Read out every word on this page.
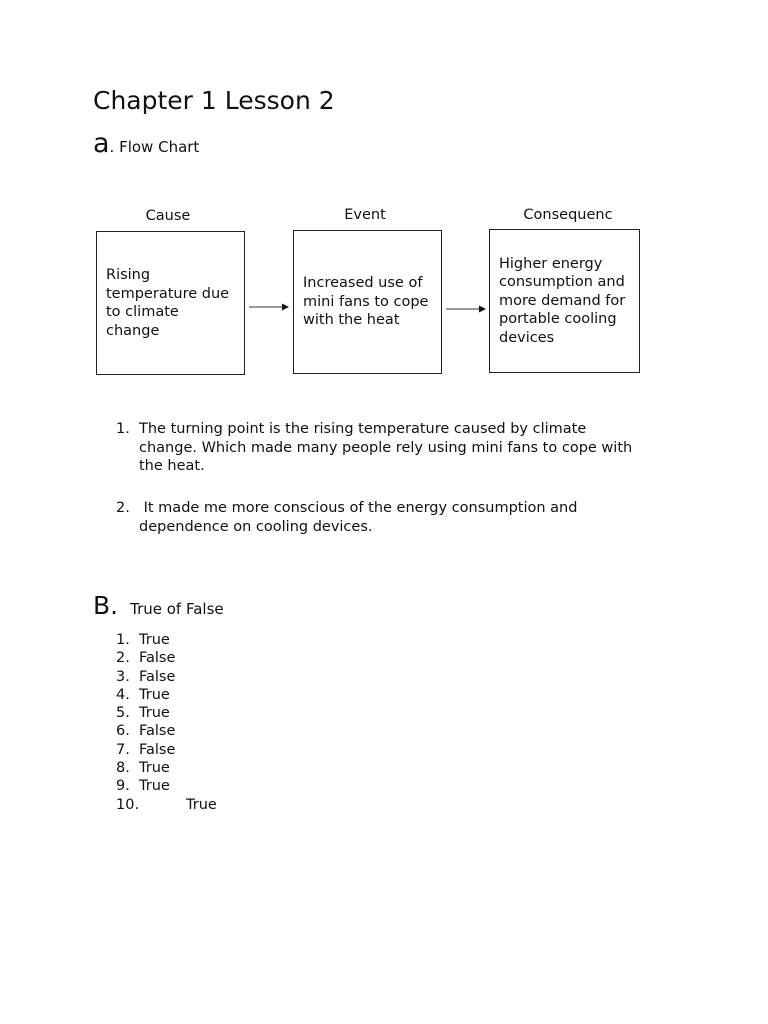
Chapter 1 Lesson 2
a. Flow Chart
Cause	Event	Consequenc
Rising temperature due to climate change
Increased use of mini fans to cope with the heat
Higher energy consumption and more demand for portable cooling devices
1. The turning point is the rising temperature caused by climate change. Which made many people rely using mini fans to cope with the heat.
2. It made me more conscious of the energy consumption and dependence on cooling devices.
B. True of False
1. True
2. False
3. False
4. True
5. True
6. False
7. False
8. True
9. True
10.	True
